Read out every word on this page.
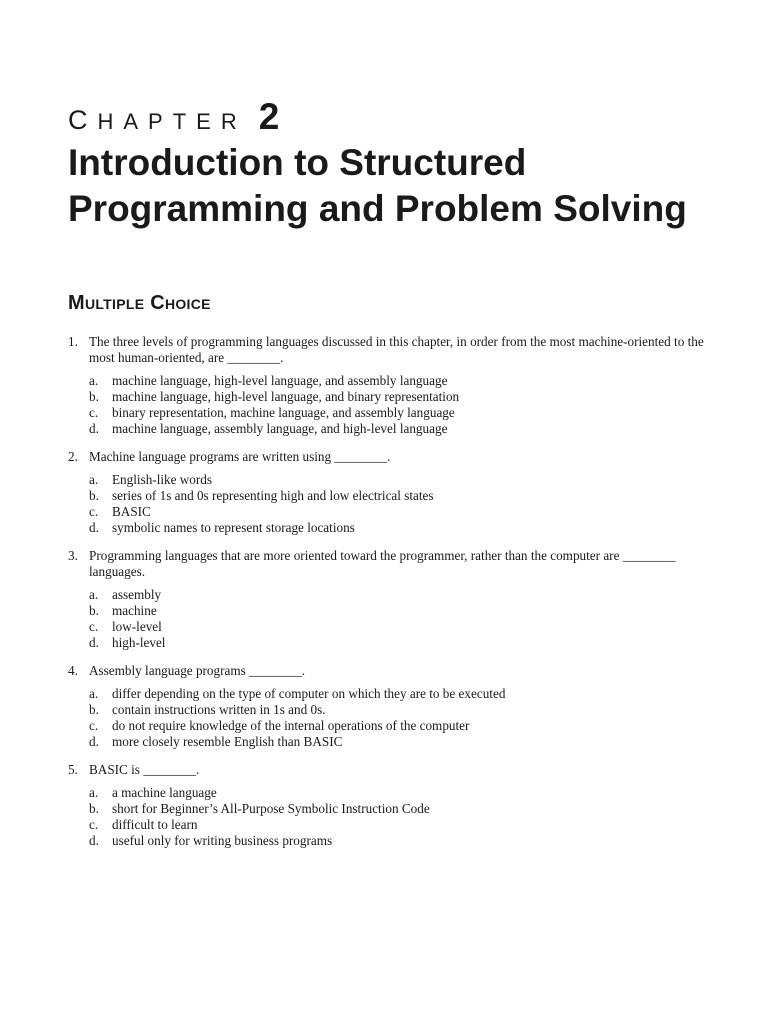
CHAPTER 2
Introduction to Structured Programming and Problem Solving
Multiple Choice
1. The three levels of programming languages discussed in this chapter, in order from the most machine-oriented to the most human-oriented, are ________.
a. machine language, high-level language, and assembly language
b. machine language, high-level language, and binary representation
c. binary representation, machine language, and assembly language
d. machine language, assembly language, and high-level language
2. Machine language programs are written using ________.
a. English-like words
b. series of 1s and 0s representing high and low electrical states
c. BASIC
d. symbolic names to represent storage locations
3. Programming languages that are more oriented toward the programmer, rather than the computer are ________ languages.
a. assembly
b. machine
c. low-level
d. high-level
4. Assembly language programs ________.
a. differ depending on the type of computer on which they are to be executed
b. contain instructions written in 1s and 0s.
c. do not require knowledge of the internal operations of the computer
d. more closely resemble English than BASIC
5. BASIC is ________.
a. a machine language
b. short for Beginner’s All-Purpose Symbolic Instruction Code
c. difficult to learn
d. useful only for writing business programs
